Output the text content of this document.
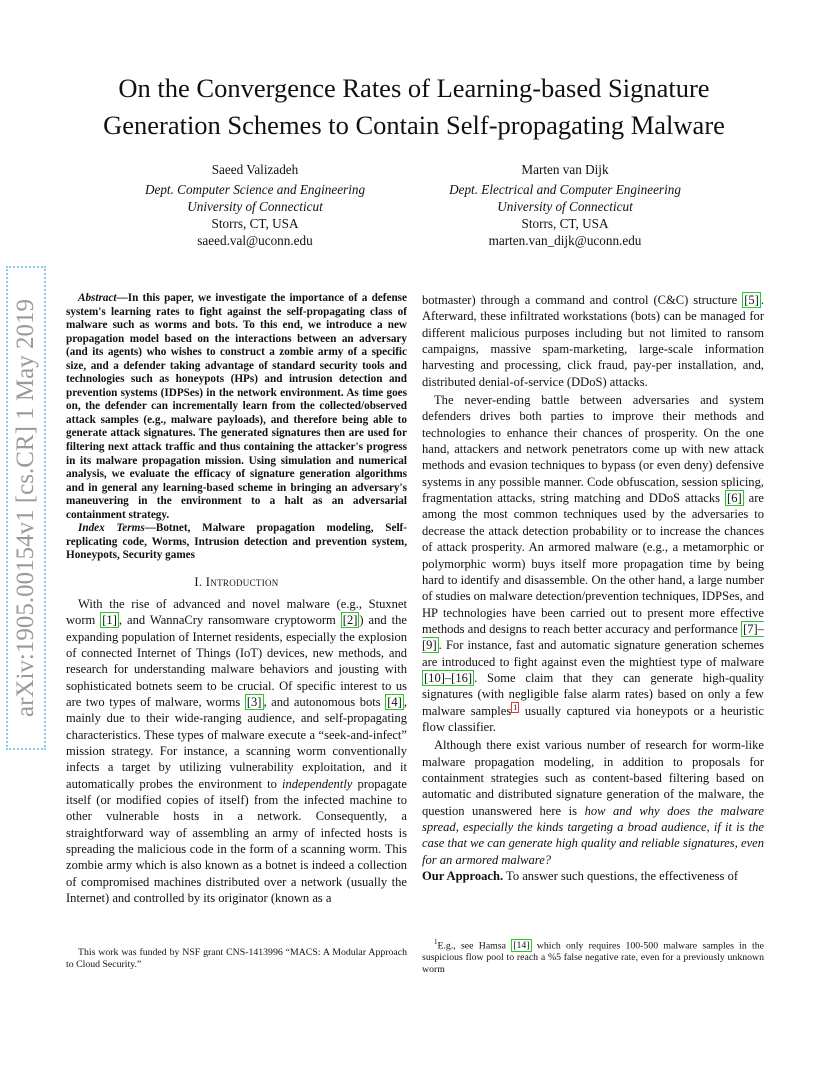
On the Convergence Rates of Learning-based Signature Generation Schemes to Contain Self-propagating Malware
Saeed Valizadeh
Dept. Computer Science and Engineering
University of Connecticut
Storrs, CT, USA
saeed.val@uconn.edu
Marten van Dijk
Dept. Electrical and Computer Engineering
University of Connecticut
Storrs, CT, USA
marten.van_dijk@uconn.edu
arXiv:1905.00154v1 [cs.CR] 1 May 2019

Abstract—In this paper, we investigate the importance of a defense system's learning rates to fight against the self-propagating class of malware such as worms and bots. To this end, we introduce a new propagation model based on the interactions between an adversary (and its agents) who wishes to construct a zombie army of a specific size, and a defender taking advantage of standard security tools and technologies such as honeypots (HPs) and intrusion detection and prevention systems (IDPSes) in the network environment. As time goes on, the defender can incrementally learn from the collected/observed attack samples (e.g., malware payloads), and therefore being able to generate attack signatures. The generated signatures then are used for filtering next attack traffic and thus containing the attacker's progress in its malware propagation mission. Using simulation and numerical analysis, we evaluate the efficacy of signature generation algorithms and in general any learning-based scheme in bringing an adversary's maneuvering in the environment to a halt as an adversarial containment strategy.

Index Terms—Botnet, Malware propagation modeling, Self-replicating code, Worms, Intrusion detection and prevention system, Honeypots, Security games

I. Introduction

With the rise of advanced and novel malware (e.g., Stuxnet worm [1] , and WannaCry ransomware cryptoworm [2] ) and the expanding population of Internet residents, especially the explosion of connected Internet of Things (IoT) devices, new methods, and research for understanding malware behaviors and jousting with sophisticated botnets seem to be crucial. Of specific interest to us are two types of malware, worms [3] , and autonomous bots [4] , mainly due to their wide-ranging audience, and self-propagating characteristics. These types of malware execute a “seek-and-infect” mission strategy. For instance, a scanning worm conventionally infects a target by utilizing vulnerability exploitation, and it automatically probes the environment to independently propagate itself (or modified copies of itself) from the infected machine to other vulnerable hosts in a network. Consequently, a straightforward way of assembling an army of infected hosts is spreading the malicious code in the form of a scanning worm. This zombie army which is also known as a botnet is indeed a collection of compromised machines distributed over a network (usually the Internet) and controlled by its originator (known as a

This work was funded by NSF grant CNS-1413996 “MACS: A Modular Approach to Cloud Security.”

botmaster) through a command and control (C&C) structure [5] . Afterward, these infiltrated workstations (bots) can be managed for different malicious purposes including but not limited to ransom campaigns, massive spam-marketing, large-scale information harvesting and processing, click fraud, pay-per installation, and, distributed denial-of-service (DDoS) attacks.

The never-ending battle between adversaries and system defenders drives both parties to improve their methods and technologies to enhance their chances of prosperity. On the one hand, attackers and network penetrators come up with new attack methods and evasion techniques to bypass (or even deny) defensive systems in any possible manner. Code obfuscation, session splicing, fragmentation attacks, string matching and DDoS attacks [6] are among the most common techniques used by the adversaries to decrease the attack detection probability or to increase the chances of attack prosperity. An armored malware (e.g., a metamorphic or polymorphic worm) buys itself more propagation time by being hard to identify and disassemble. On the other hand, a large number of studies on malware detection/prevention techniques, IDPSes, and HP technologies have been carried out to present more effective methods and designs to reach better accuracy and performance [7]–[9] . For instance, fast and automatic signature generation schemes are introduced to fight against even the mightiest type of malware [10]–[16] . Some claim that they can generate high-quality signatures (with negligible false alarm rates) based on only a few malware samples $^1$ usually captured via honeypots or a heuristic flow classifier.

Although there exist various number of research for worm-like malware propagation modeling, in addition to proposals for containment strategies such as content-based filtering based on automatic and distributed signature generation of the malware, the question unanswered here is how and why does the malware spread, especially the kinds targeting a broad audience, if it is the case that we can generate high quality and reliable signatures, even for an armored malware?

Our Approach. To answer such questions, the effectiveness of

$^1$E.g., see Hamsa [14] which only requires 100-500 malware samples in the suspicious flow pool to reach a %5 false negative rate, even for a previously unknown worm
